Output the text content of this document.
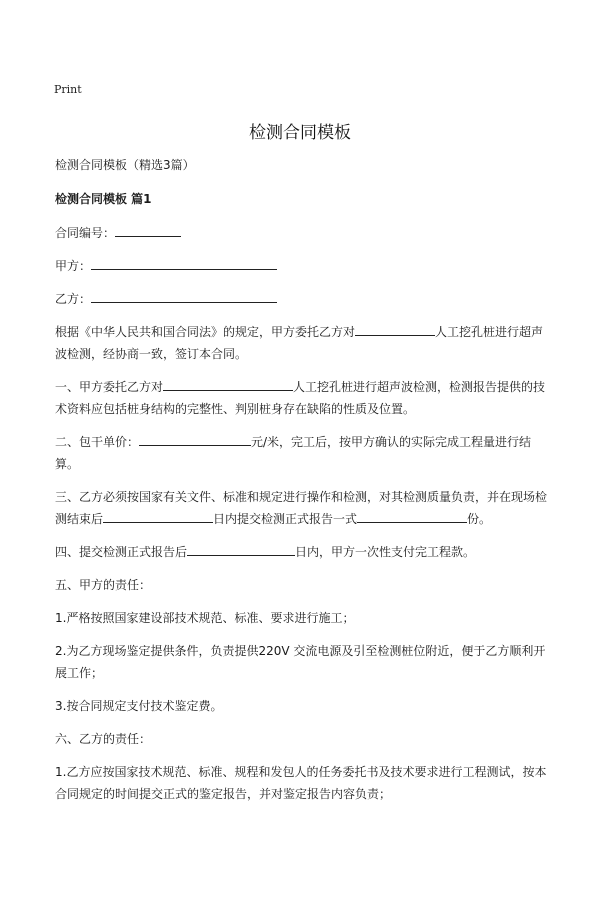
Print
检测合同模板

检测合同模板（精选3篇）

检测合同模板 篇1

合同编号：

甲方：

乙方：

根据《中华人民共和国合同法》的规定，甲方委托乙方对	人工挖孔桩进行超声波检测，经协商一致，签订本合同。

一、甲方委托乙方对	人工挖孔桩进行超声波检测，检测报告提供的技术资料应包括桩身结构的完整性、判别桩身存在缺陷的性质及位置。

二、包干单价：	元/米，完工后，按甲方确认的实际完成工程量进行结算。

三、乙方必须按国家有关文件、标准和规定进行操作和检测，对其检测质量负责，并在现场检测结束后	日内提交检测正式报告一式	份。

四、提交检测正式报告后	日内，甲方一次性支付完工程款。

五、甲方的责任：

1.严格按照国家建设部技术规范、标准、要求进行施工；

2.为乙方现场鉴定提供条件，负责提供220V 交流电源及引至检测桩位附近，便于乙方顺利开展工作；

3.按合同规定支付技术鉴定费。

六、乙方的责任：

1.乙方应按国家技术规范、标准、规程和发包人的任务委托书及技术要求进行工程测试，按本合同规定的时间提交正式的鉴定报告，并对鉴定报告内容负责；
